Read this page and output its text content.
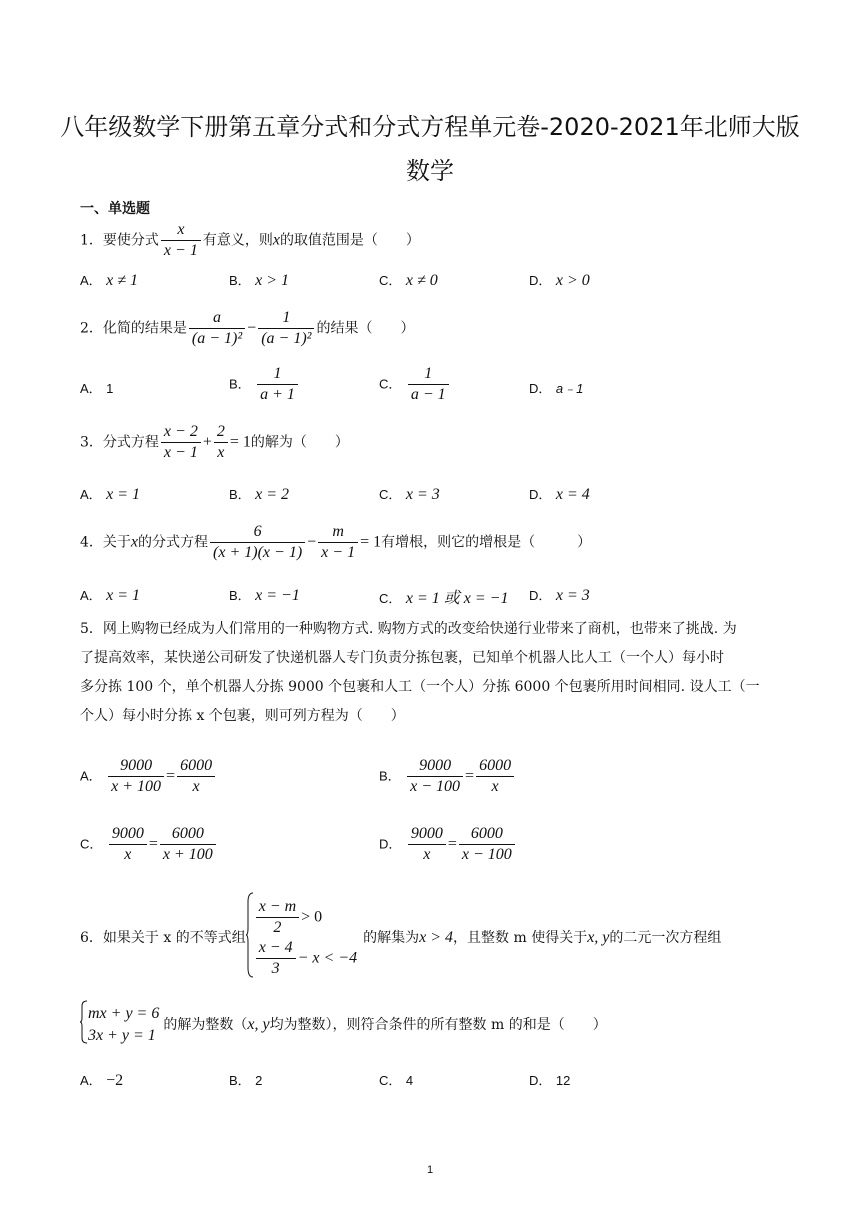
八年级数学下册第五章分式和分式方程单元卷-2020-2021年北师大版
数学
一、单选题
1．要使分式 $\frac{x}{x - 1}$ 有意义，则x的取值范围是（　　）
A． x ≠ 1	B． x > 1	C． x ≠ 0	D． x > 0
2．化简的结果是 $\frac{a}{\text{(a − 1)²}} - \frac{1}{\text{(a − 1)²}}$ 的结果（　　）
A． 1	B． $\frac{1}{a + 1}$	C． $\frac{1}{a - 1}$	D． a﹣1
3．分式方程 $\frac{x - 2}{x - 1} + \frac{2}{x} = 1$的解为（　　）
A． x = 1	B． x = 2	C． x = 3	D． x = 4
4．关于x的分式方程 $\frac{6}{(x + 1)(x - 1)} - \frac{m}{x - 1} = 1$有增根，则它的增根是（　　　）
A． x = 1	B． x = −1	C． x = 1 或 x = −1 D． x = 3
5．网上购物已经成为人们常用的一种购物方式. 购物方式的改变给快递行业带来了商机，也带来了挑战. 为
了提高效率，某快递公司研发了快递机器人专门负责分拣包裹，已知单个机器人比人工（一个人）每小时
多分拣 100 个，单个机器人分拣 9000 个包裹和人工（一个人）分拣 6000 个包裹所用时间相同. 设人工（一
个人）每小时分拣 x 个包裹，则可列方程为（　　）
A． $\frac{9000}{x + 100} = \frac{6000}{x}$	B． $\frac{9000}{x - 100} = \frac{6000}{x}$
C． $\frac{9000}{x} = \frac{6000}{x + 100}$	D． $\frac{9000}{x} = \frac{6000}{x - 100}$
6．如果关于 x 的不等式组 $\frac{x - m}{2} > 0$
$\frac{x - 4}{3} - x < -4$
的解集为 x > 4 ，且整数 m 使得关于 x, y 的二元一次方程组
mx + y = 6
3x + y = 1
的解为整数（ x, y 均为整数），则符合条件的所有整数 m 的和是（　　）
A． −2	B． 2	C． 4	D． 12
1
